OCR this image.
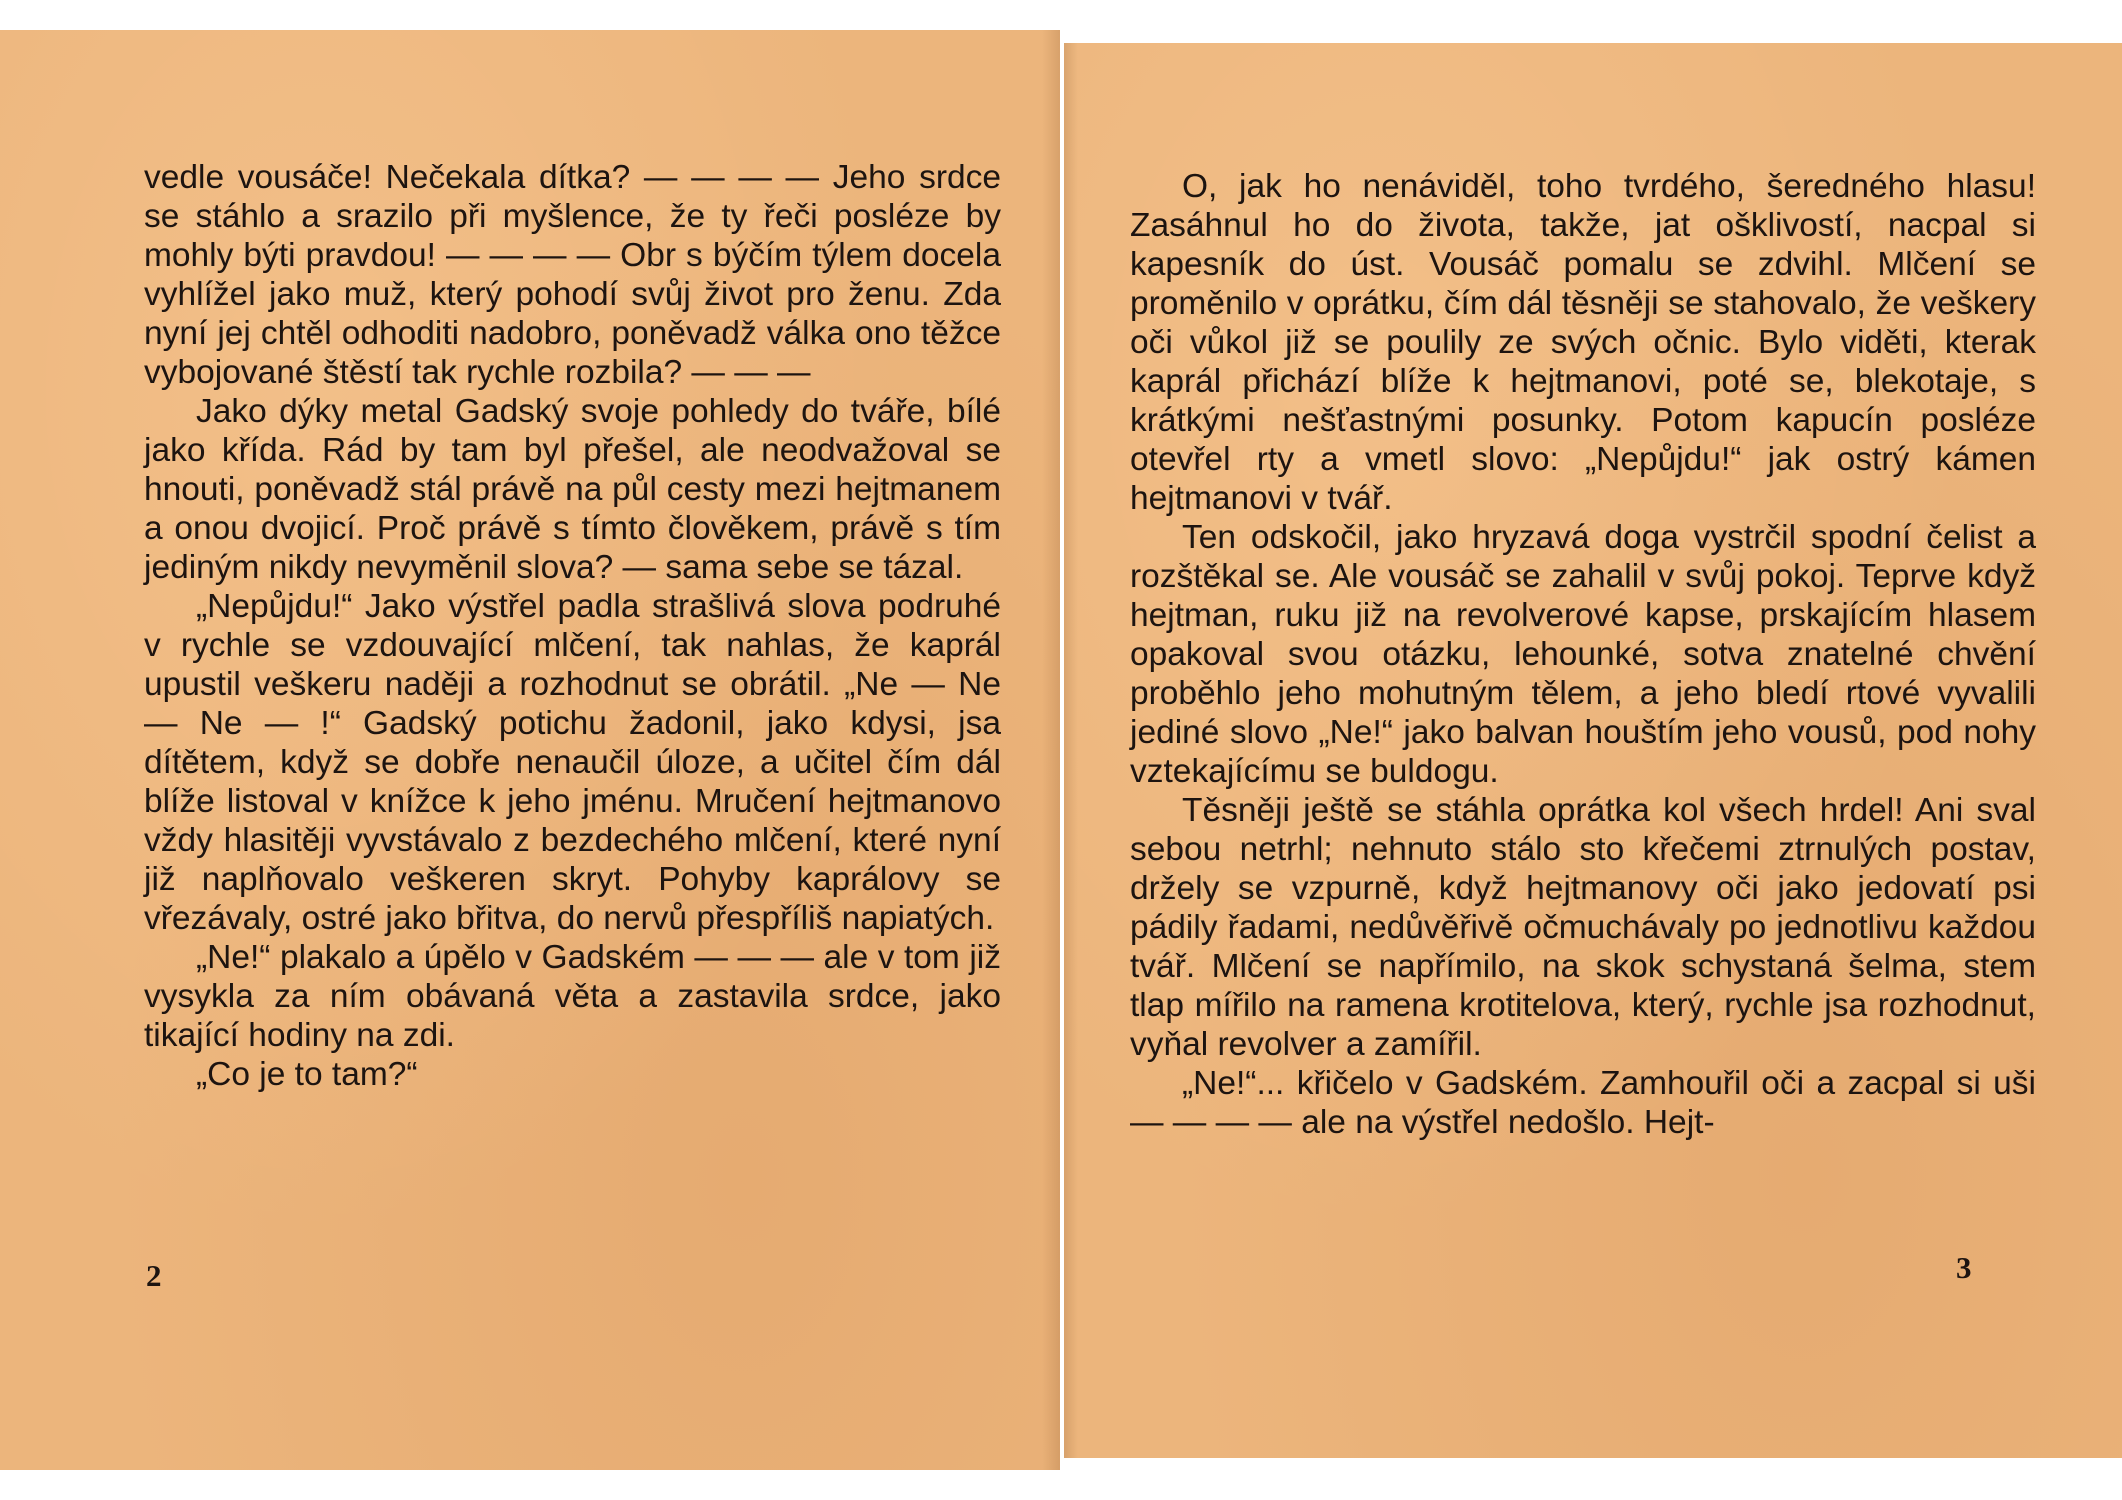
vedle vousáče! Nečekala dítka? — — — — Jeho srdce se stáhlo a srazilo při myšlence, že ty řeči posléze by mohly býti pravdou! — — — — Obr s býčím týlem docela vyhlížel jako muž, který pohodí svůj život pro ženu. Zda nyní jej chtěl odhoditi nadobro, poněvadž válka ono těžce vybojované štěstí tak rychle rozbila? — — —

Jako dýky metal Gadský svoje pohledy do tváře, bílé jako křída. Rád by tam byl přešel, ale neodvažoval se hnouti, poněvadž stál právě na půl cesty mezi hejtmanem a onou dvojicí. Proč právě s tímto člověkem, právě s tím jediným nikdy nevyměnil slova? — sama sebe se tázal.

„Nepůjdu!“ Jako výstřel padla strašlivá slova podruhé v rychle se vzdouvající mlčení, tak nahlas, že kaprál upustil veškeru naději a rozhodnut se obrátil. „Ne — Ne — Ne — !“ Gadský potichu žadonil, jako kdysi, jsa dítětem, když se dobře nenaučil úloze, a učitel čím dál blíže listoval v knížce k jeho jménu. Mručení hejtmanovo vždy hlasitěji vyvstávalo z bezdechého mlčení, které nyní již naplňovalo veškeren skryt. Pohyby kaprálovy se vřezávaly, ostré jako břitva, do nervů přespříliš napiatých.

„Ne!“ plakalo a úpělo v Gadském — — — ale v tom již vysykla za ním obávaná věta a zastavila srdce, jako tikající hodiny na zdi.

„Co je to tam?“

2

O, jak ho nenáviděl, toho tvrdého, šeredného hlasu! Zasáhnul ho do života, takže, jat ošklivostí, nacpal si kapesník do úst. Vousáč pomalu se zdvihl. Mlčení se proměnilo v oprátku, čím dál těsněji se stahovalo, že veškery oči vůkol již se poulily ze svých očnic. Bylo viděti, kterak kaprál přichází blíže k hejtmanovi, poté se, blekotaje, s krátkými nešťastnými posunky. Potom kapucín posléze otevřel rty a vmetl slovo: „Nepůjdu!“ jak ostrý kámen hejtmanovi v tvář.

Ten odskočil, jako hryzavá doga vystrčil spodní čelist a rozštěkal se. Ale vousáč se zahalil v svůj pokoj. Teprve když hejtman, ruku již na revolverové kapse, prskajícím hlasem opakoval svou otázku, lehounké, sotva znatelné chvění proběhlo jeho mohutným tělem, a jeho bledí rtové vyvalili jediné slovo „Ne!“ jako balvan houštím jeho vousů, pod nohy vztekajícímu se buldogu.

Těsněji ještě se stáhla oprátka kol všech hrdel! Ani sval sebou netrhl; nehnuto stálo sto křečemi ztrnulých postav, držely se vzpurně, když hejtmanovy oči jako jedovatí psi pádily řadami, nedůvěřivě očmuchávaly po jednotlivu každou tvář. Mlčení se napřímilo, na skok schystaná šelma, stem tlap mířilo na ramena krotitelova, který, rychle jsa rozhodnut, vyňal revolver a zamířil.

„Ne!“... křičelo v Gadském. Zamhouřil oči a zacpal si uši — — — — ale na výstřel nedošlo. Hejt-

3
